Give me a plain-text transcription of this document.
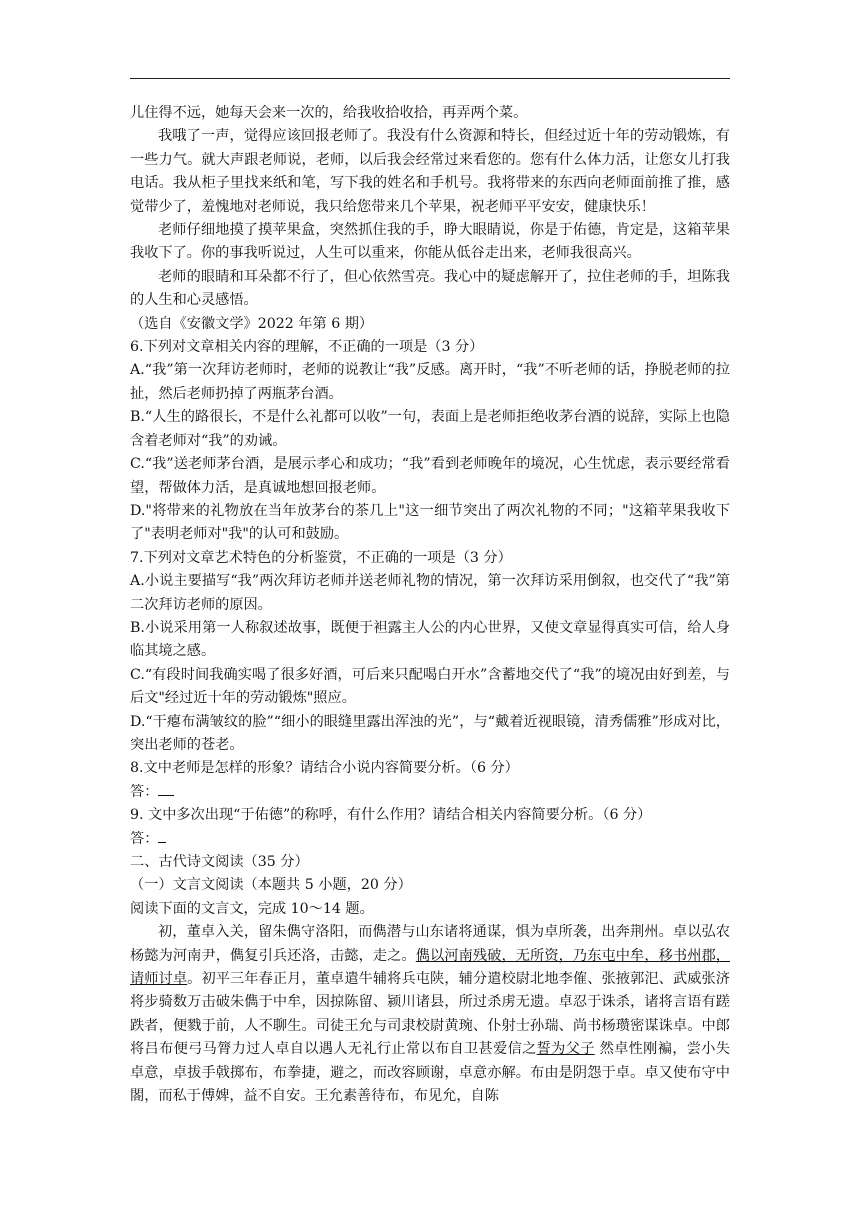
儿住得不远，她每天会来一次的，给我收拾收拾，再弄两个菜。

我哦了一声，觉得应该回报老师了。我没有什么资源和特长，但经过近十年的劳动锻炼，有一些力气。就大声跟老师说，老师，以后我会经常过来看您的。您有什么体力活，让您女儿打我电话。我从柜子里找来纸和笔，写下我的姓名和手机号。我将带来的东西向老师面前推了推，感觉带少了，羞愧地对老师说，我只给您带来几个苹果，祝老师平平安安，健康快乐！

老师仔细地摸了摸苹果盒，突然抓住我的手，睁大眼睛说，你是于佑德，肯定是，这箱苹果我收下了。你的事我听说过，人生可以重来，你能从低谷走出来，老师我很高兴。

老师的眼睛和耳朵都不行了，但心依然雪亮。我心中的疑虑解开了，拉住老师的手，坦陈我的人生和心灵感悟。

（选自《安徽文学》2022 年第 6 期）

6.下列对文章相关内容的理解，不正确的一项是（3 分）

A.“我”第一次拜访老师时，老师的说教让“我”反感。离开时，“我”不听老师的话，挣脱老师的拉扯，然后老师扔掉了两瓶茅台酒。

B.“人生的路很长，不是什么礼都可以收”一句，表面上是老师拒绝收茅台酒的说辞，实际上也隐含着老师对“我”的劝诫。

C.“我”送老师茅台酒，是展示孝心和成功；“我”看到老师晚年的境况，心生忧虑，表示要经常看望，帮做体力活，是真诚地想回报老师。

D."将带来的礼物放在当年放茅台的茶几上"这一细节突出了两次礼物的不同；"这箱苹果我收下了"表明老师对"我"的认可和鼓励。

7.下列对文章艺术特色的分析鉴赏，不正确的一项是（3 分）

A.小说主要描写“我”两次拜访老师并送老师礼物的情况，第一次拜访采用倒叙，也交代了“我”第二次拜访老师的原因。

B.小说采用第一人称叙述故事，既便于袒露主人公的内心世界，又使文章显得真实可信，给人身临其境之感。

C.“有段时间我确实喝了很多好酒，可后来只配喝白开水”含蓄地交代了“我”的境况由好到差，与后文"经过近十年的劳动锻炼"照应。

D.“干瘪布满皱纹的脸”“细小的眼缝里露出浑浊的光”，与“戴着近视眼镜，清秀儒雅”形成对比，突出老师的苍老。

8.文中老师是怎样的形象？请结合小说内容简要分析。（6 分）

答：

9. 文中多次出现“于佑德”的称呼，有什么作用？请结合相关内容简要分析。（6 分）

答：

二、古代诗文阅读（35 分）

（一）文言文阅读（本题共 5 小题，20 分）

阅读下面的文言文，完成 10～14 题。

初，董卓入关，留朱儁守洛阳，而儁潜与山东诸将通谋，惧为卓所袭，出奔荆州。卓以弘农杨懿为河南尹，儁复引兵还洛，击懿，走之。儁以河南残破，无所资，乃东屯中牟，移书州郡，请师讨卓。初平三年春正月，董卓遣牛辅将兵屯陕，辅分遣校尉北地李傕、张掖郭汜、武威张济将步骑数万击破朱儁于中牟，因掠陈留、颍川诸县，所过杀虏无遗。卓忍于诛杀，诸将言语有蹉跌者，便戮于前，人不聊生。司徒王允与司隶校尉黄琬、仆射士孙瑞、尚书杨瓒密谋诛卓。中郎将吕布便弓马膂力过人卓自以遇人无礼行止常以布自卫甚爱信之誓为父子 然卓性刚褊，尝小失卓意，卓拔手戟掷布，布拳捷，避之，而改容顾谢，卓意亦解。布由是阴怨于卓。卓又使布守中閤，而私于傅婢，益不自安。王允素善待布，布见允，自陈
